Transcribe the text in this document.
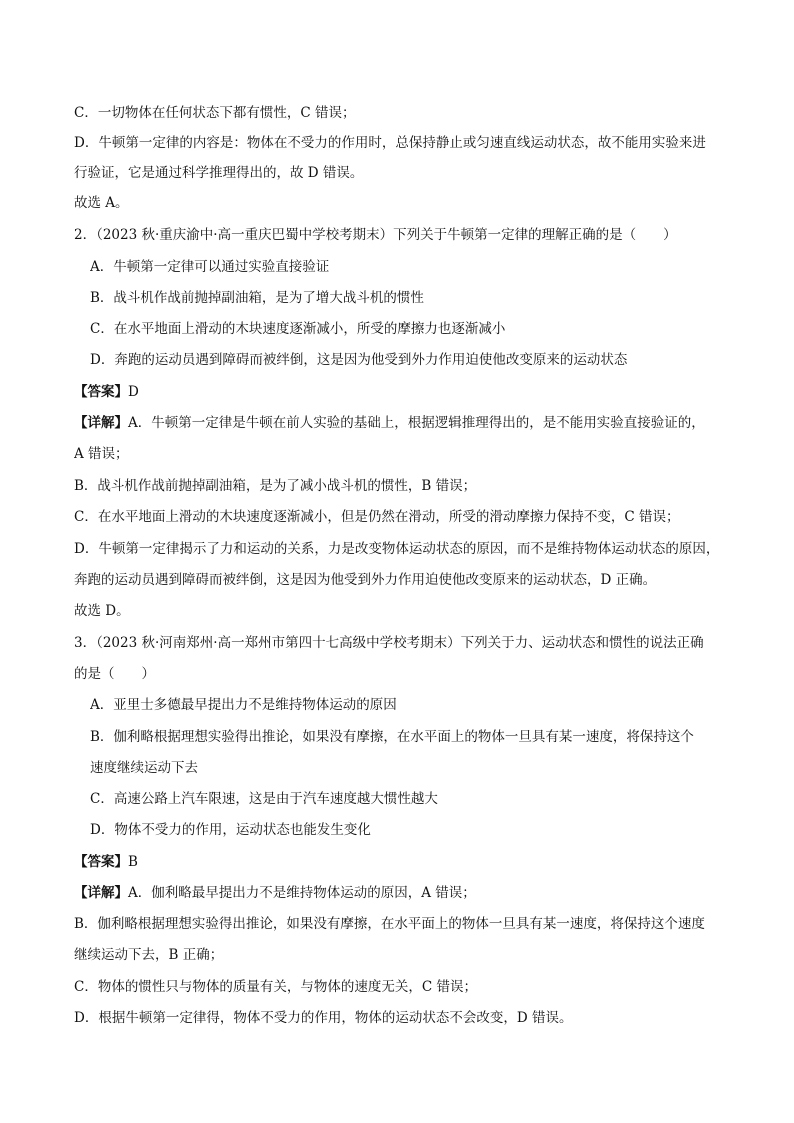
C．一切物体在任何状态下都有惯性，C 错误；
D．牛顿第一定律的内容是：物体在不受力的作用时，总保持静止或匀速直线运动状态，故不能用实验来进
行验证，它是通过科学推理得出的，故 D 错误。
故选 A。
2．（2023 秋·重庆渝中·高一重庆巴蜀中学校考期末）下列关于牛顿第一定律的理解正确的是（　　）
A．牛顿第一定律可以通过实验直接验证
B．战斗机作战前抛掉副油箱，是为了增大战斗机的惯性
C．在水平地面上滑动的木块速度逐渐减小，所受的摩擦力也逐渐减小
D．奔跑的运动员遇到障碍而被绊倒，这是因为他受到外力作用迫使他改变原来的运动状态
【答案】D
【详解】A．牛顿第一定律是牛顿在前人实验的基础上，根据逻辑推理得出的，是不能用实验直接验证的，
A 错误；
B．战斗机作战前抛掉副油箱，是为了减小战斗机的惯性，B 错误；
C．在水平地面上滑动的木块速度逐渐减小，但是仍然在滑动，所受的滑动摩擦力保持不变，C 错误；
D．牛顿第一定律揭示了力和运动的关系，力是改变物体运动状态的原因，而不是维持物体运动状态的原因，
奔跑的运动员遇到障碍而被绊倒，这是因为他受到外力作用迫使他改变原来的运动状态，D 正确。
故选 D。
3．（2023 秋·河南郑州·高一郑州市第四十七高级中学校考期末）下列关于力、运动状态和惯性的说法正确
的是（　　）
A．亚里士多德最早提出力不是维持物体运动的原因
B．伽利略根据理想实验得出推论，如果没有摩擦，在水平面上的物体一旦具有某一速度，将保持这个
速度继续运动下去
C．高速公路上汽车限速，这是由于汽车速度越大惯性越大
D．物体不受力的作用，运动状态也能发生变化
【答案】B
【详解】A．伽利略最早提出力不是维持物体运动的原因，A 错误；
B．伽利略根据理想实验得出推论，如果没有摩擦，在水平面上的物体一旦具有某一速度，将保持这个速度
继续运动下去，B 正确；
C．物体的惯性只与物体的质量有关，与物体的速度无关，C 错误；
D．根据牛顿第一定律得，物体不受力的作用，物体的运动状态不会改变，D 错误。
